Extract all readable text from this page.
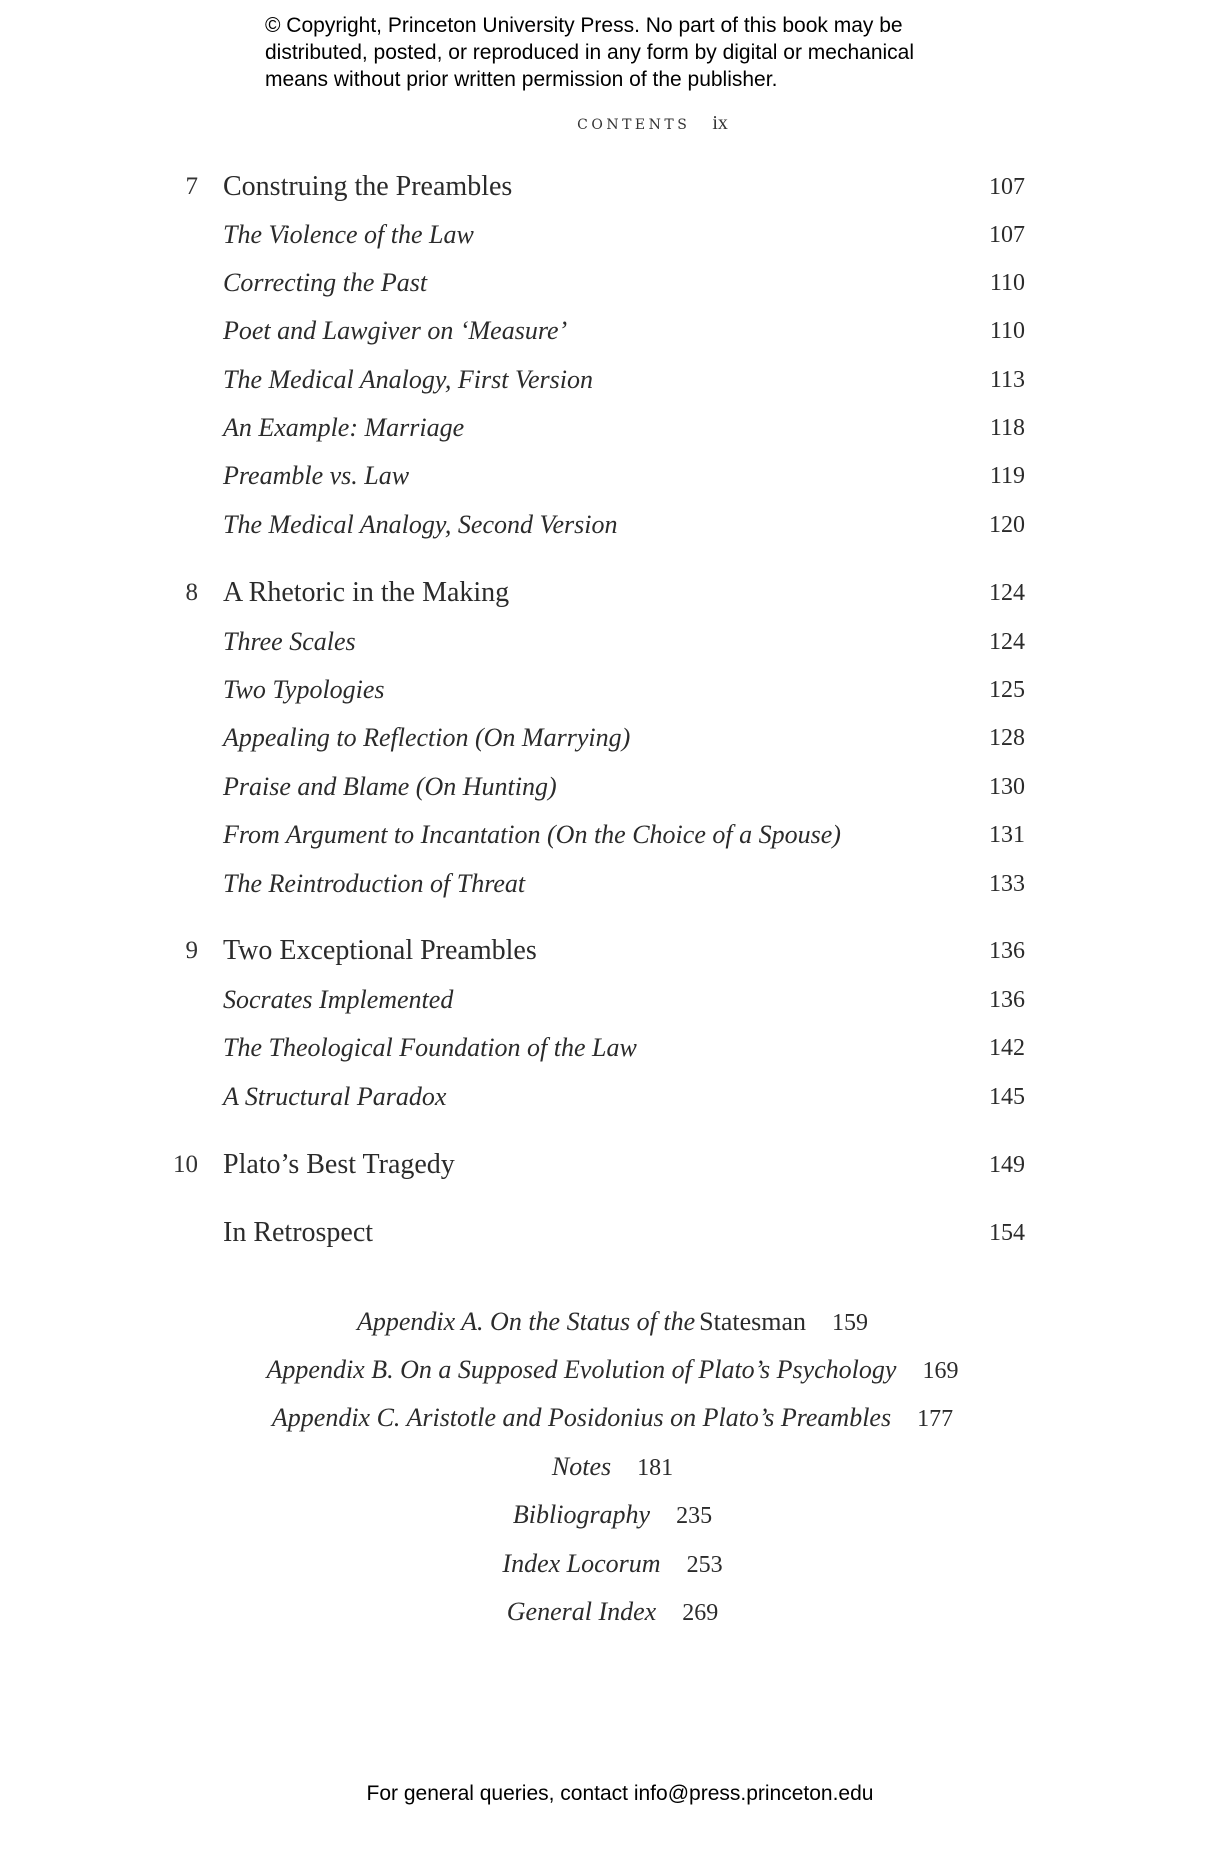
© Copyright, Princeton University Press. No part of this book may be
distributed, posted, or reproduced in any form by digital or mechanical
means without prior written permission of the publisher.
CONTENTS ix
7 Construing the Preambles	107
The Violence of the Law	107
Correcting the Past	110
Poet and Lawgiver on ‘Measure’	110
The Medical Analogy, First Version	113
An Example: Marriage	118
Preamble vs. Law	119
The Medical Analogy, Second Version	120
8 A Rhetoric in the Making	124
Three Scales	124
Two Typologies	125
Appealing to Reflection (On Marrying)	128
Praise and Blame (On Hunting)	130
From Argument to Incantation (On the Choice of a Spouse)	131
The Reintroduction of Threat	133
9 Two Exceptional Preambles	136
Socrates Implemented	136
The Theological Foundation of the Law	142
A Structural Paradox	145
10 Plato’s Best Tragedy	149
In Retrospect	154
Appendix A. On the Status of the Statesman 159
Appendix B. On a Supposed Evolution of Plato’s Psychology 169
Appendix C. Aristotle and Posidonius on Plato’s Preambles 177
Notes 181
Bibliography 235
Index Locorum 253
General Index 269
For general queries, contact info@press.princeton.edu
